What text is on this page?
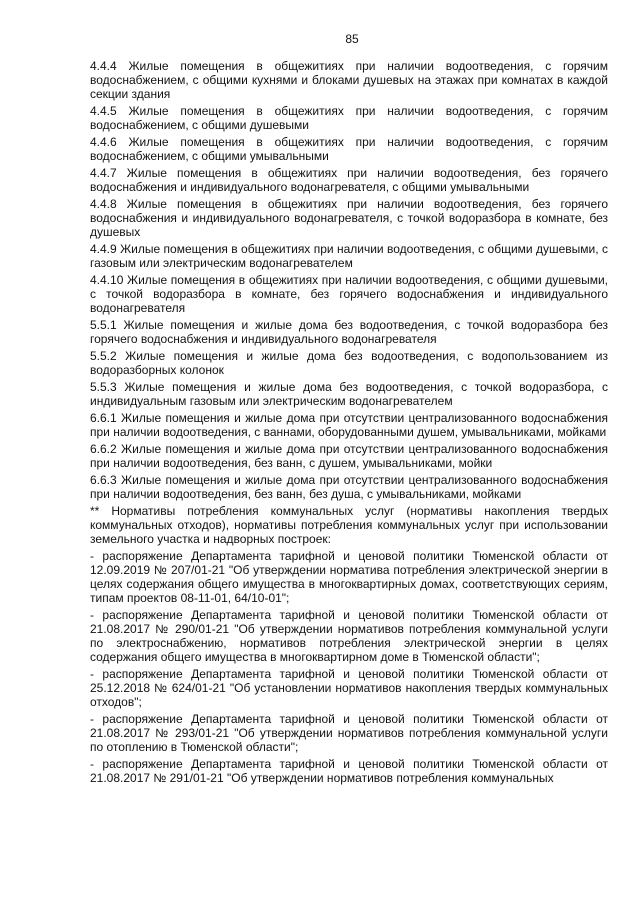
85

4.4.4 Жилые помещения в общежитиях при наличии водоотведения, с горячим водоснабжением, с общими кухнями и блоками душевых на этажах при комнатах в каждой секции здания

4.4.5 Жилые помещения в общежитиях при наличии водоотведения, с горячим водоснабжением, с общими душевыми

4.4.6 Жилые помещения в общежитиях при наличии водоотведения, с горячим водоснабжением, с общими умывальными

4.4.7 Жилые помещения в общежитиях при наличии водоотведения, без горячего водоснабжения и индивидуального водонагревателя, с общими умывальными

4.4.8 Жилые помещения в общежитиях при наличии водоотведения, без горячего водоснабжения и индивидуального водонагревателя, с точкой водоразбора в комнате, без душевых

4.4.9 Жилые помещения в общежитиях при наличии водоотведения, с общими душевыми, с газовым или электрическим водонагревателем

4.4.10 Жилые помещения в общежитиях при наличии водоотведения, с общими душевыми, с точкой водоразбора в комнате, без горячего водоснабжения и индивидуального водонагревателя

5.5.1 Жилые помещения и жилые дома без водоотведения, с точкой водоразбора без горячего водоснабжения и индивидуального водонагревателя

5.5.2 Жилые помещения и жилые дома без водоотведения, с водопользованием из водоразборных колонок

5.5.3 Жилые помещения и жилые дома без водоотведения, с точкой водоразбора, с индивидуальным газовым или электрическим водонагревателем

6.6.1 Жилые помещения и жилые дома при отсутствии централизованного водоснабжения при наличии водоотведения, с ваннами, оборудованными душем, умывальниками, мойками

6.6.2 Жилые помещения и жилые дома при отсутствии централизованного водоснабжения при наличии водоотведения, без ванн, с душем, умывальниками, мойки

6.6.3 Жилые помещения и жилые дома при отсутствии централизованного водоснабжения при наличии водоотведения, без ванн, без душа, с умывальниками, мойками

** Нормативы потребления коммунальных услуг (нормативы накопления твердых коммунальных отходов), нормативы потребления коммунальных услуг при использовании земельного участка и надворных построек:

- распоряжение Департамента тарифной и ценовой политики Тюменской области от 12.09.2019 № 207/01-21 "Об утверждении норматива потребления электрической энергии в целях содержания общего имущества в многоквартирных домах, соответствующих сериям, типам проектов 08-11-01, 64/10-01";

- распоряжение Департамента тарифной и ценовой политики Тюменской области от 21.08.2017 № 290/01-21 "Об утверждении нормативов потребления коммунальной услуги по электроснабжению, нормативов потребления электрической энергии в целях содержания общего имущества в многоквартирном доме в Тюменской области";

- распоряжение Департамента тарифной и ценовой политики Тюменской области от 25.12.2018 № 624/01-21 "Об установлении нормативов накопления твердых коммунальных отходов";

- распоряжение Департамента тарифной и ценовой политики Тюменской области от 21.08.2017 № 293/01-21 "Об утверждении нормативов потребления коммунальной услуги по отоплению в Тюменской области";

- распоряжение Департамента тарифной и ценовой политики Тюменской области от 21.08.2017 № 291/01-21 "Об утверждении нормативов потребления коммунальных
